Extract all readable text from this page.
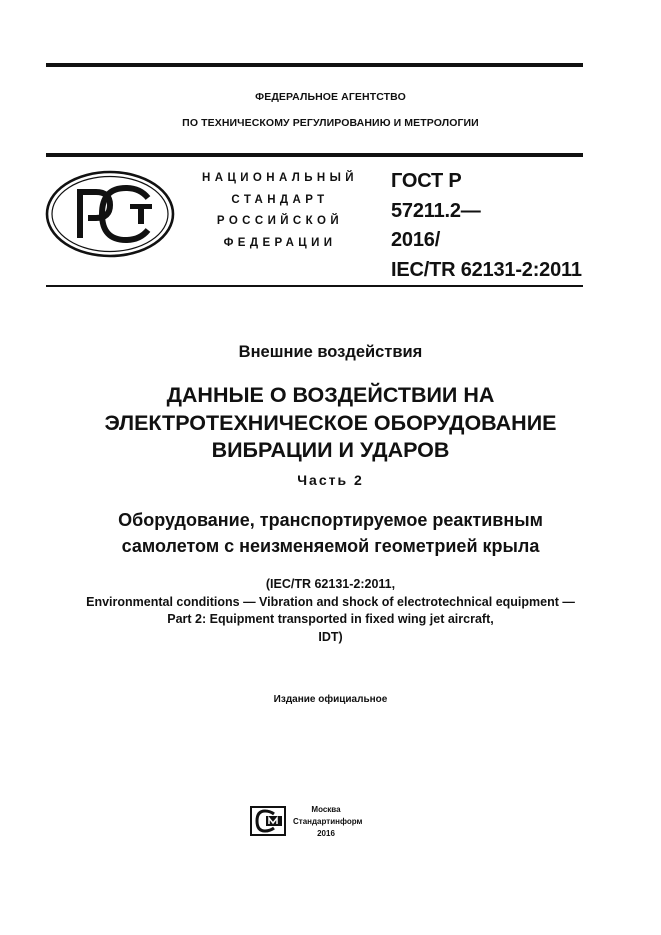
ФЕДЕРАЛЬНОЕ АГЕНТСТВО
ПО ТЕХНИЧЕСКОМУ РЕГУЛИРОВАНИЮ И МЕТРОЛОГИИ
НАЦИОНАЛЬНЫЙ
СТАНДАРТ
РОССИЙСКОЙ
ФЕДЕРАЦИИ
ГОСТ Р
57211.2—
2016/
IEC/TR 62131-2:2011
Внешние воздействия
ДАННЫЕ О ВОЗДЕЙСТВИИ НА
ЭЛЕКТРОТЕХНИЧЕСКОЕ ОБОРУДОВАНИЕ
ВИБРАЦИИ И УДАРОВ
Часть 2
Оборудование, транспортируемое реактивным
самолетом с неизменяемой геометрией крыла
(IEC/TR 62131-2:2011,
Environmental conditions — Vibration and shock of electrotechnical equipment —
Part 2: Equipment transported in fixed wing jet aircraft,
IDT)
Издание официальное
Москва
Стандартинформ
2016
